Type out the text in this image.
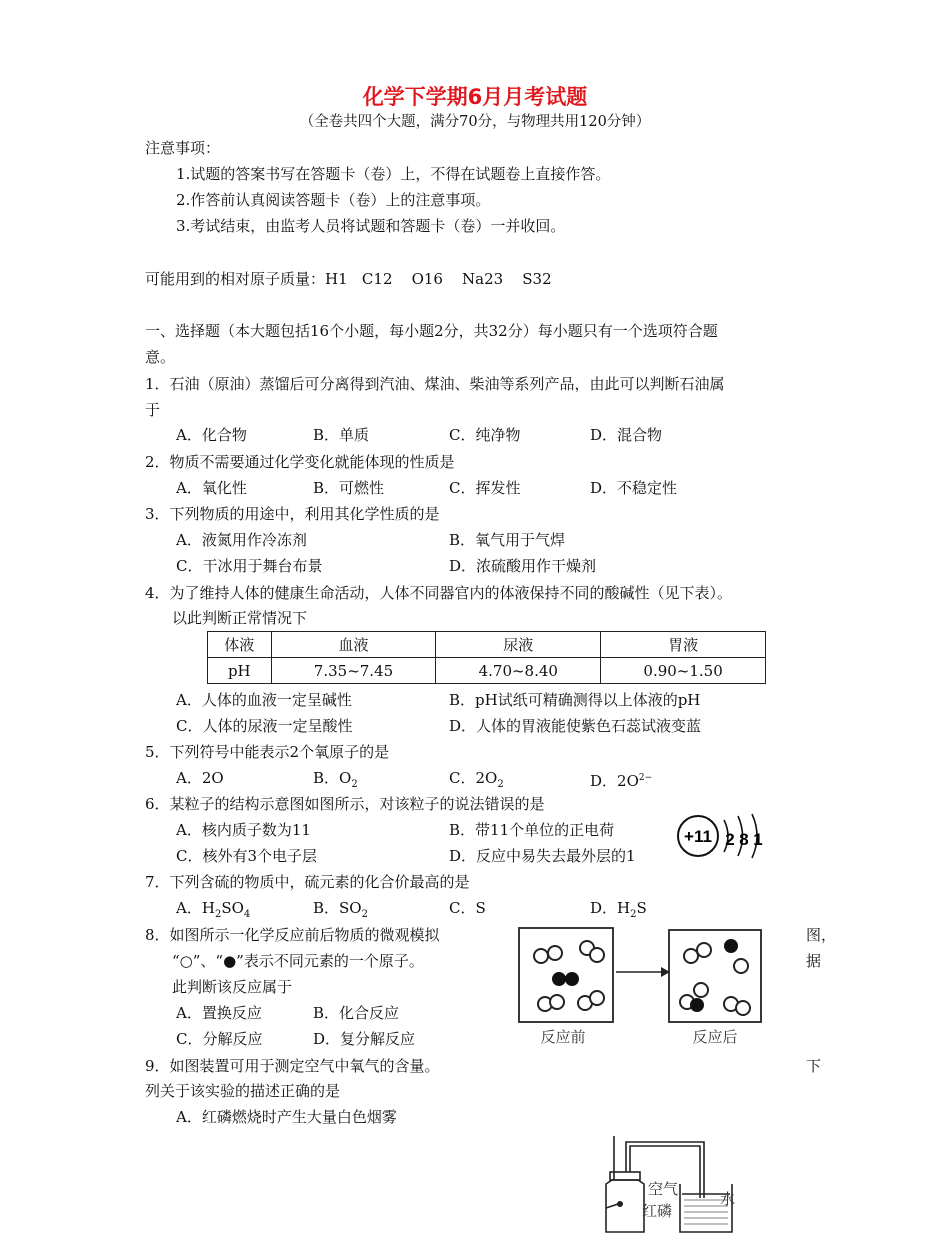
化学下学期6月月考试题
（全卷共四个大题，满分70分，与物理共用120分钟）
注意事项：
1.试题的答案书写在答题卡（卷）上，不得在试题卷上直接作答。
2.作答前认真阅读答题卡（卷）上的注意事项。
3.考试结束，由监考人员将试题和答题卡（卷）一并收回。
可能用到的相对原子质量：H1   C12    O16    Na23    S32
一、选择题（本大题包括16个小题，每小题2分，共32分）每小题只有一个选项符合题
意。
1．石油（原油）蒸馏后可分离得到汽油、煤油、柴油等系列产品，由此可以判断石油属
于
A．化合物	B．单质	C．纯净物	D．混合物
2．物质不需要通过化学变化就能体现的性质是
A．氧化性	B．可燃性	C．挥发性	D．不稳定性
3．下列物质的用途中，利用其化学性质的是
A．液氮用作冷冻剂	B．氧气用于气焊
C．干冰用于舞台布景	D．浓硫酸用作干燥剂
4．为了维持人体的健康生命活动，人体不同器官内的体液保持不同的酸碱性（见下表）。
以此判断正常情况下
体液	血液	尿液	胃液
pH	7.35~7.45	4.70~8.40	0.90~1.50
A．人体的血液一定呈碱性	B．pH试纸可精确测得以上体液的pH
C．人体的尿液一定呈酸性	D．人体的胃液能使紫色石蕊试液变蓝
5．下列符号中能表示2个氧原子的是
A．2O	B．$O_2$	C．$2O_2$	D．$2O^{2-}$
6．某粒子的结构示意图如图所示，对该粒子的说法错误的是
A．核内质子数为11	B．带11个单位的正电荷
C．核外有3个电子层	D．反应中易失去最外层的1
+11 2 8 1
7．下列含硫的物质中，硫元素的化合价最高的是
A．$H_2SO_4$	B．$SO_2$	C．S	D．$H_2S$
8．如图所示一化学反应前后物质的微观模拟	图，
“○”、“●”表示不同元素的一个原子。	据
此判断该反应属于
A．置换反应	B．化合反应
C．分解反应	D．复分解反应	反应前	反应后
9．如图装置可用于测定空气中氧气的含量。	下
列关于该实验的描述正确的是
A．红磷燃烧时产生大量白色烟雾
空气
红磷
水
